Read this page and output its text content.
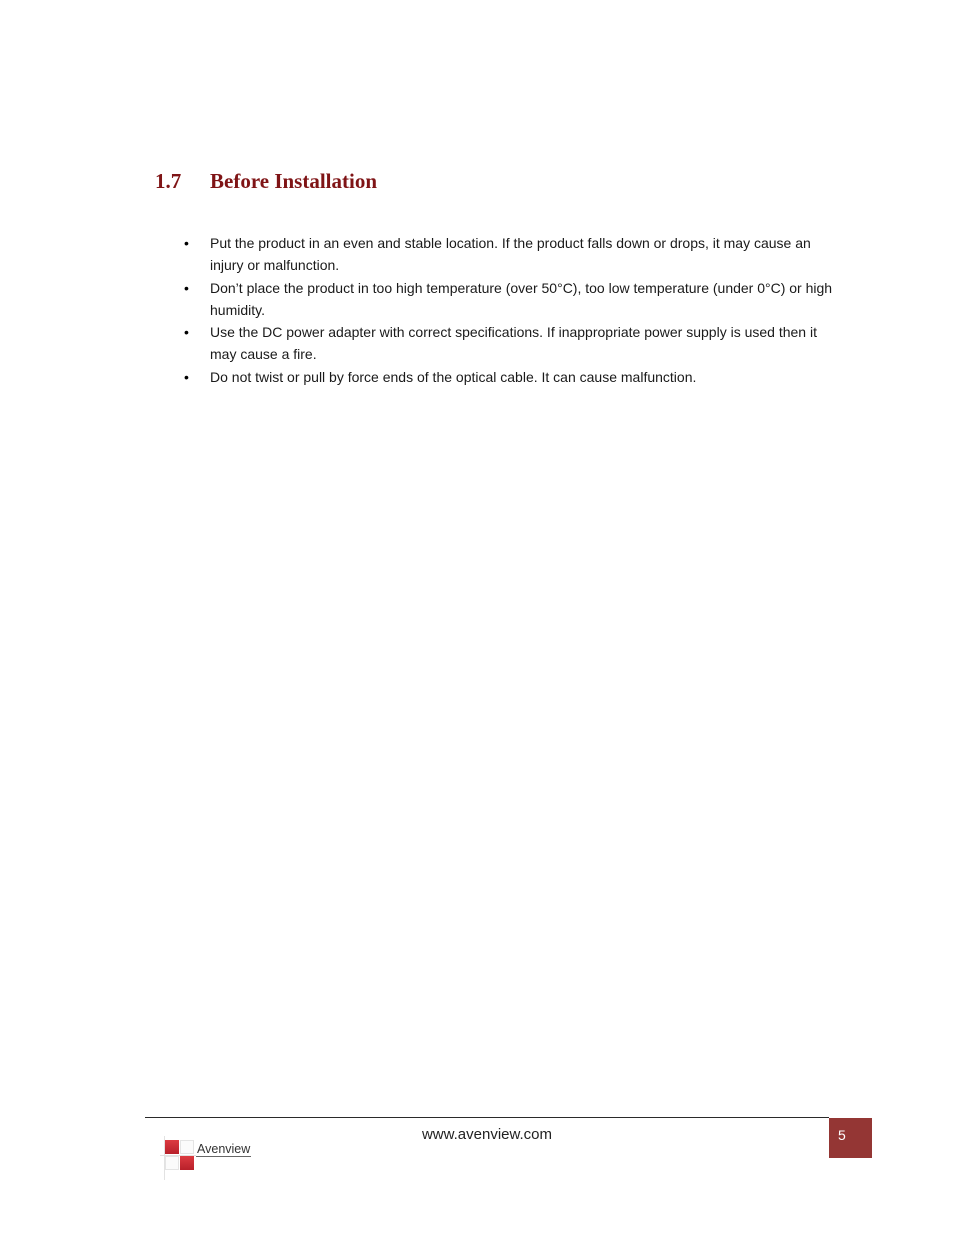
1.7 Before Installation
• Put the product in an even and stable location. If the product falls down or drops, it may cause an injury or malfunction.
• Don’t place the product in too high temperature (over 50°C), too low temperature (under 0°C) or high humidity.
• Use the DC power adapter with correct specifications. If inappropriate power supply is used then it may cause a fire.
• Do not twist or pull by force ends of the optical cable. It can cause malfunction.
www.avenview.com	5
Avenview
